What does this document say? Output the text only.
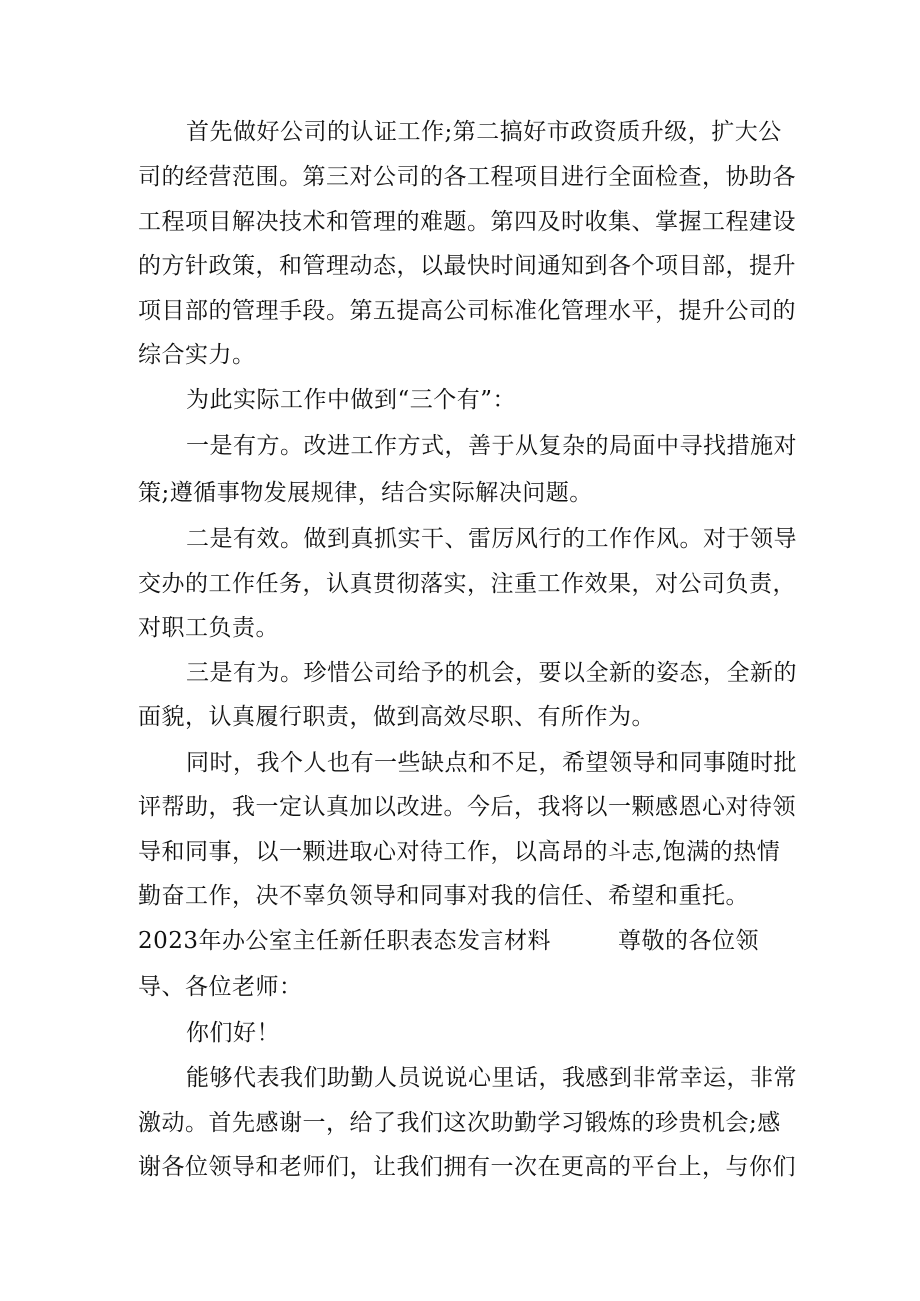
首先做好公司的认证工作;第二搞好市政资质升级，扩大公
司的经营范围。第三对公司的各工程项目进行全面检查，协助各
工程项目解决技术和管理的难题。第四及时收集、掌握工程建设
的方针政策，和管理动态，以最快时间通知到各个项目部，提升
项目部的管理手段。第五提高公司标准化管理水平，提升公司的
综合实力。
为此实际工作中做到“三个有”：
一是有方。改进工作方式，善于从复杂的局面中寻找措施对
策;遵循事物发展规律，结合实际解决问题。
二是有效。做到真抓实干、雷厉风行的工作作风。对于领导
交办的工作任务，认真贯彻落实，注重工作效果，对公司负责，
对职工负责。
三是有为。珍惜公司给予的机会，要以全新的姿态，全新的
面貌，认真履行职责，做到高效尽职、有所作为。
同时，我个人也有一些缺点和不足，希望领导和同事随时批
评帮助，我一定认真加以改进。今后，我将以一颗感恩心对待领
导和同事，以一颗进取心对待工作，以高昂的斗志,饱满的热情
勤奋工作，决不辜负领导和同事对我的信任、希望和重托。
2023年办公室主任新任职表态发言材料	尊敬的各位领
导、各位老师：
你们好！
能够代表我们助勤人员说说心里话，我感到非常幸运，非常
激动。首先感谢一，给了我们这次助勤学习锻炼的珍贵机会;感
谢各位领导和老师们，让我们拥有一次在更高的平台上，与你们
